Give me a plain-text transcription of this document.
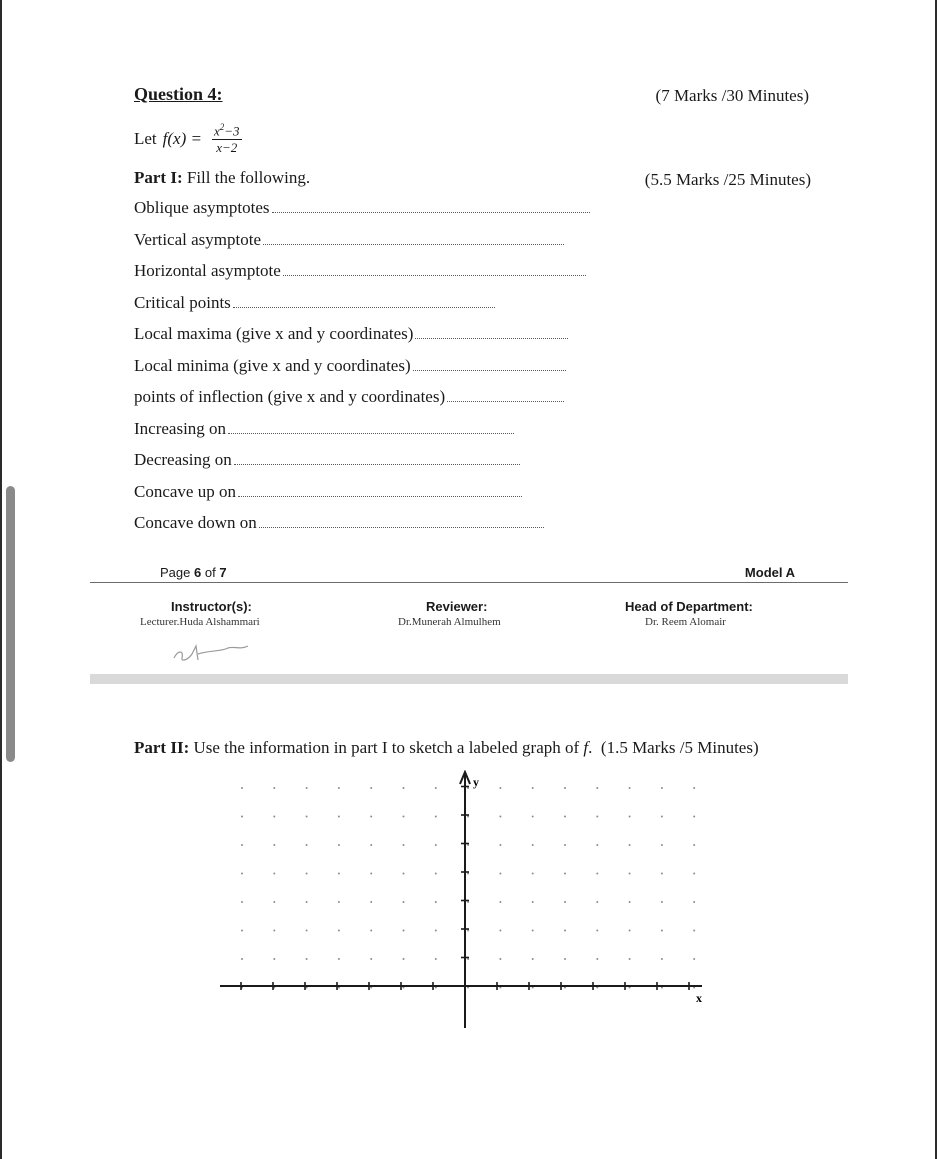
Question 4:	(7 Marks /30 Minutes)
Let $f(x) = \frac{x^2-3}{x-2}$
Part I: Fill the following.	(5.5 Marks /25 Minutes)
Oblique asymptotes
Vertical asymptote
Horizontal asymptote
Critical points
Local maxima (give x and y coordinates)
Local minima (give x and y coordinates)
points of inflection (give x and y coordinates)
Increasing on
Decreasing on
Concave up on
Concave down on
Page 6 of 7	Model A
Instructor(s):
Lecturer.Huda Alshammari
Reviewer:
Dr.Munerah Almulhem
Head of Department:
Dr. Reem Alomair
Part II: Use the information in part I to sketch a labeled graph of f.  (1.5 Marks /5 Minutes)
y
x
